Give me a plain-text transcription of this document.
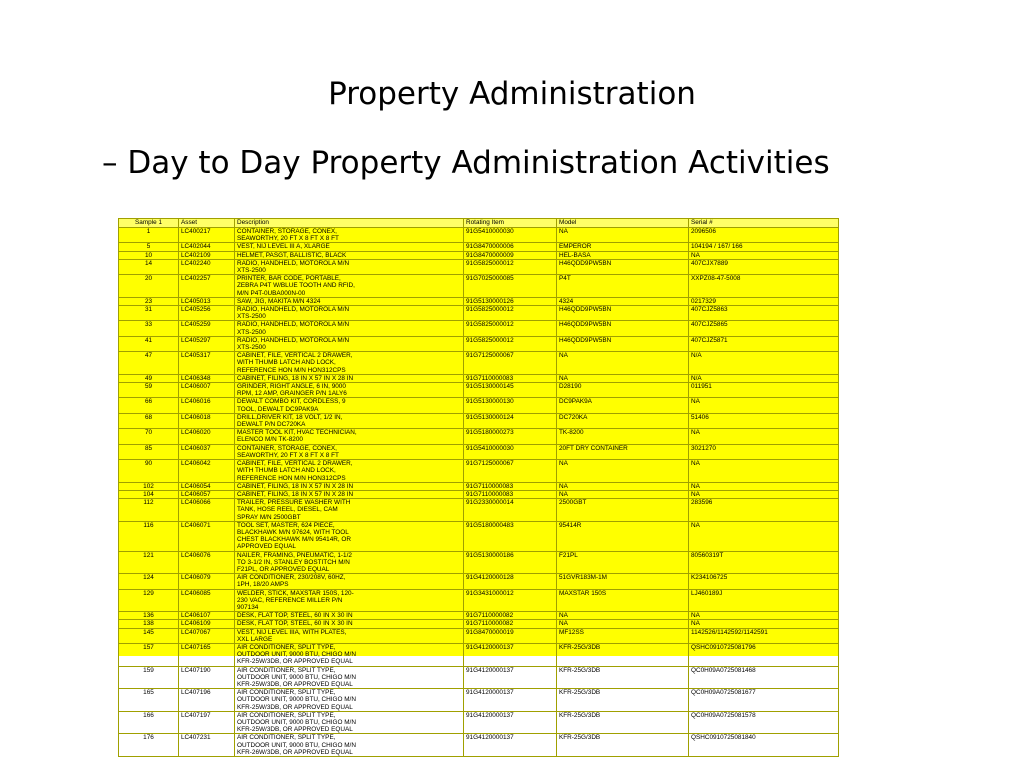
Property Administration
– Day to Day Property Administration Activities
Sample 1	Asset	Description	Rotating Item	Model	Serial #
1	LC400217	CONTAINER, STORAGE, CONEX,
SEAWORTHY, 20 FT X 8 FT X 8 FT	91G5410000030	NA	2096506
5	LC402044	VEST, NIJ LEVEL III A, XLARGE	91G8470000006	EMPEROR	104194 / 167/ 166
10	LC402109	HELMET, PASGT, BALLISTIC, BLACK	91G8470000009	HEL-BASA	NA
14	LC402240	RADIO, HANDHELD, MOTOROLA M/N
XTS-2500	91G5825000012	H46QDD9PW5BN	407CJX7889
20	LC402257	PRINTER, BAR CODE, PORTABLE,
ZEBRA P4T W/BLUE TOOTH AND RFID,
M/N P4T-0UBA000N-00	91G7025000085	P4T	XXPZ08-47-5008
23	LC405013	SAW, JIG, MAKITA M/N 4324	91G5130000126	4324	0217329
31	LC405256	RADIO, HANDHELD, MOTOROLA M/N
XTS-2500	91G5825000012	H46QDD9PW5BN	407CJZ5863
33	LC405259	RADIO, HANDHELD, MOTOROLA M/N
XTS-2500	91G5825000012	H46QDD9PW5BN	407CJZ5865
41	LC405297	RADIO, HANDHELD, MOTOROLA M/N
XTS-2500	91G5825000012	H46QDD9PW5BN	407CJZ5871
47	LC405317	CABINET, FILE, VERTICAL 2 DRAWER,
WITH THUMB LATCH AND LOCK,
REFERENCE HON M/N HON312CPS	91G7125000067	NA	N/A
49	LC406348	CABINET, FILING, 18 IN X 57 IN X 28 IN	91G7110000083	NA	N/A
59	LC406007	GRINDER, RIGHT ANGLE, 6 IN, 9000
RPM, 12 AMP, GRAINGER P/N 1ALY6	91G5130000145	D28190	011951
66	LC406016	DEWALT COMBO KIT, CORDLESS, 9
TOOL, DEWALT DC9PAK9A	91G5130000130	DC9PAK9A	NA
68	LC406018	DRILL,DRIVER KIT, 18 VOLT, 1/2 IN,
DEWALT P/N DC720KA	91G5130000124	DC720KA	51406
70	LC406020	MASTER TOOL KIT, HVAC TECHNICIAN,
ELENCO M/N TK-8200	91G5180000273	TK-8200	NA
85	LC406037	CONTAINER, STORAGE, CONEX,
SEAWORTHY, 20 FT X 8 FT X 8 FT	91G5410000030	20FT DRY CONTAINER	3021270
90	LC406042	CABINET, FILE, VERTICAL 2 DRAWER,
WITH THUMB LATCH AND LOCK,
REFERENCE HON M/N HON312CPS	91G7125000067	NA	NA
102	LC406054	CABINET, FILING, 18 IN X 57 IN X 28 IN	91G7110000083	NA	NA
104	LC406057	CABINET, FILING, 18 IN X 57 IN X 28 IN	91G7110000083	NA	NA
112	LC406066	TRAILER, PRESSURE WASHER WITH
TANK, HOSE REEL, DIESEL, CAM
SPRAY M/N 2500GBT	91G2330000014	2500GBT	283596
116	LC406071	TOOL SET, MASTER, 624 PIECE,
BLACKHAWK M/N 97624, WITH TOOL
CHEST BLACKHAWK M/N 95414R, OR
APPROVED EQUAL	91G5180000483	95414R	NA
121	LC406076	NAILER, FRAMING, PNEUMATIC, 1-1/2
TO 3-1/2 IN, STANLEY BOSTITCH M/N
F21PL, OR APPROVED EQUAL	91G5130000186	F21PL	80560319T
124	LC406079	AIR CONDITIONER, 230/208V, 60HZ,
1PH, 18/20 AMPS	91G4120000128	51GVR183M-1M	K234106725
129	LC406085	WELDER, STICK, MAXSTAR 150S, 120-
230 VAC, REFERENCE MILLER P/N
907134	91G3431000012	MAXSTAR 150S	LJ460189J
136	LC406107	DESK, FLAT TOP, STEEL, 60 IN X 30 IN	91G7110000082	NA	NA
138	LC406109	DESK, FLAT TOP, STEEL, 60 IN X 30 IN	91G7110000082	NA	NA
145	LC407067	VEST, NIJ LEVEL IIIA, WITH PLATES,
XXL LARGE	91G8470000019	MF12SS	1142526/1142592/1142591
157	LC407165	AIR CONDITIONER, SPLIT TYPE,
OUTDOOR UNIT, 9000 BTU, CHIGO M/N
KFR-25W/3DB, OR APPROVED EQUAL	91G4120000137	KFR-25G/3DB	QSHC091072508179​6
159	LC407190	AIR CONDITIONER, SPLIT TYPE,
OUTDOOR UNIT, 9000 BTU, CHIGO M/N
KFR-25W/3DB, OR APPROVED EQUAL	91G4120000137	KFR-25G/3DB	QC0H09A0725081468
165	LC407196	AIR CONDITIONER, SPLIT TYPE,
OUTDOOR UNIT, 9000 BTU, CHIGO M/N
KFR-25W/3DB, OR APPROVED EQUAL	91G4120000137	KFR-25G/3DB	QC0H09A0725081677
166	LC407197	AIR CONDITIONER, SPLIT TYPE,
OUTDOOR UNIT, 9000 BTU, CHIGO M/N
KFR-25W/3DB, OR APPROVED EQUAL	91G4120000137	KFR-25G/3DB	QC0H09A0725081578
176	LC407231	AIR CONDITIONER, SPLIT TYPE,
OUTDOOR UNIT, 9000 BTU, CHIGO M/N
KFR-26W/3DB, OR APPROVED EQUAL	91G4120000137	KFR-25G/3DB	QSHC091072508184​0
